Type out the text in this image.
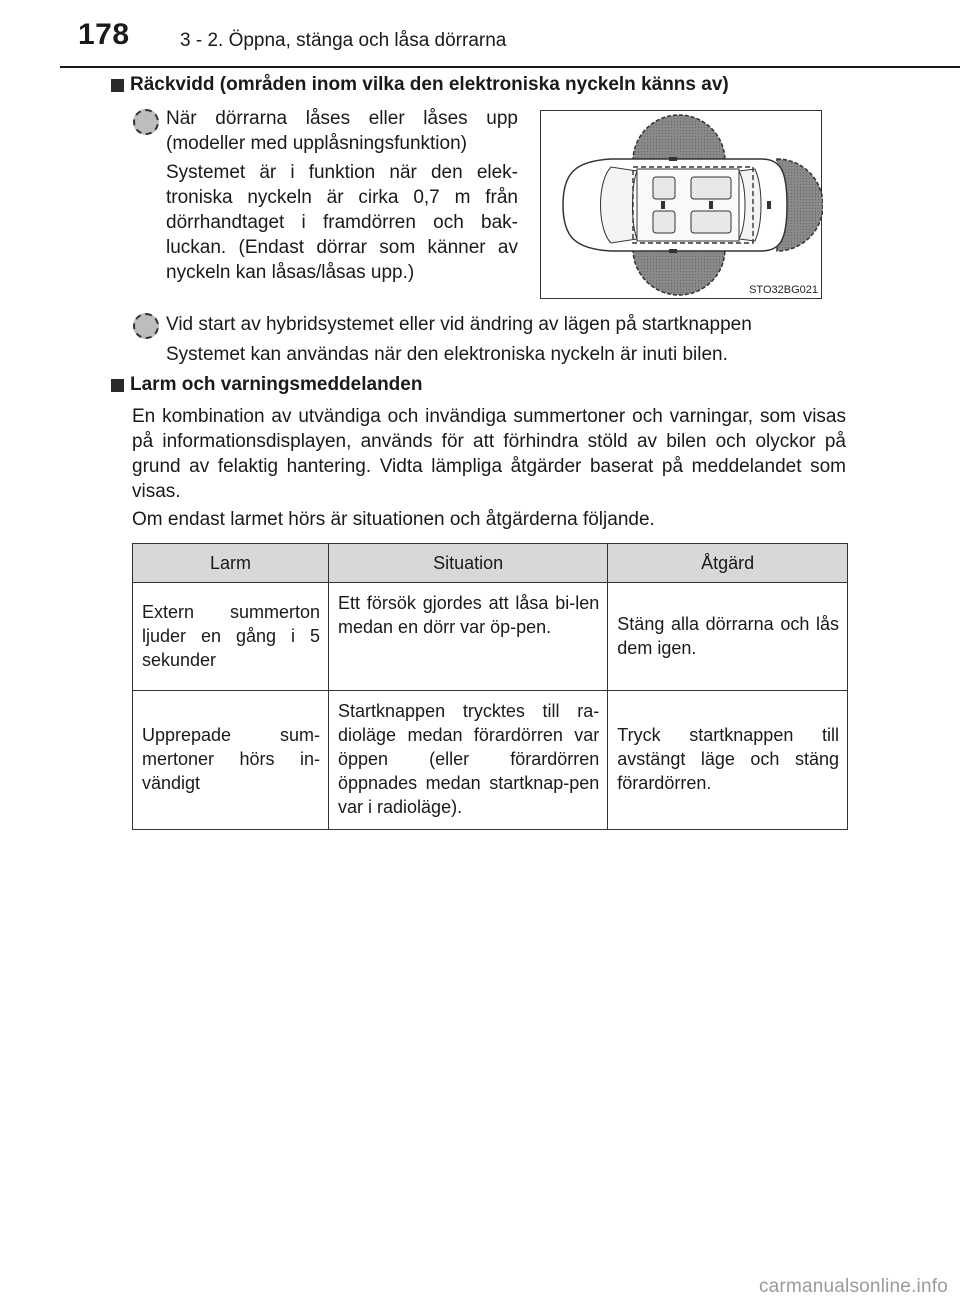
178	3 - 2. Öppna, stänga och låsa dörrarna
Räckvidd (områden inom vilka den elektroniska nyckeln känns av)
När dörrarna låses eller låses upp (modeller med upplåsningsfunktion)
Systemet är i funktion när den elek-troniska nyckeln är cirka 0,7 m från dörrhandtaget i framdörren och bak-luckan. (Endast dörrar som känner av nyckeln kan låsas/låsas upp.)
STO32BG021
Vid start av hybridsystemet eller vid ändring av lägen på startknappen
Systemet kan användas när den elektroniska nyckeln är inuti bilen.
Larm och varningsmeddelanden
En kombination av utvändiga och invändiga summertoner och varningar, som visas på informationsdisplayen, används för att förhindra stöld av bilen och olyckor på grund av felaktig hantering. Vidta lämpliga åtgärder baserat på meddelandet som visas.
Om endast larmet hörs är situationen och åtgärderna följande.
Larm	Situation	Åtgärd
Extern summerton ljuder en gång i 5 sekunder	Ett försök gjordes att låsa bi-len medan en dörr var öp-pen.	Stäng alla dörrarna och lås dem igen.
Upprepade sum-mertoner hörs in-vändigt	Startknappen trycktes till ra-dioläge medan förardörren var öppen (eller förardörren öppnades medan startknap-pen var i radioläge).	Tryck startknappen till avstängt läge och stäng förardörren.
carmanualsonline.info
